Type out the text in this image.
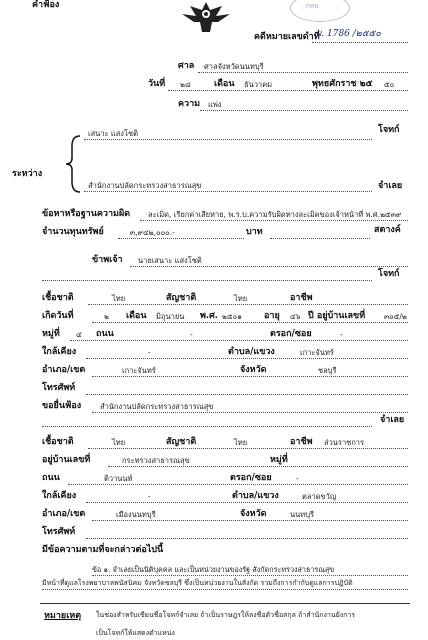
คำฟ้อง	ภพษ
คดีหมายเลขดำที่
ผ. 1786 /๒๕๕๐
ศาล ศาลจังหวัดนนทบุรี
วันที่ ๒๘	เดือน ธันวาคม	พุทธศักราช ๒๕ ๕๐
ความ แพ่ง
เสนาะ แสงโชติ	โจทก์
ระหว่าง
สำนักงานปลัดกระทรวงสาธารณสุข	จำเลย
ข้อหาหรือฐานความผิด ละเมิด, เรียกค่าเสียหาย, พ.ร.บ.ความรับผิดทางละเมิดของเจ้าหน้าที่ พ.ศ.๒๕๓๙
จำนวนทุนทรัพย์	๓,๙๔๒,๐๐๐.-	บาท	สตางค์
ข้าพเจ้า นายเสนาะ แสงโชติ
โจทก์
เชื้อชาติ	ไทย	สัญชาติ	ไทย	อาชีพ
เกิดวันที่	๒ เดือน มิถุนายน พ.ศ. ๒๕๐๑ อายุ ๔๖ ปี อยู่บ้านเลขที่	๓๐๕/๒
หมู่ที่ ๔ ถนน	-	ตรอก/ซอย	-
ใกล้เคียง	-	ตำบล/แขวง	เกาะจันทร์
อำเภอ/เขต	เกาะจันทร์	จังหวัด	ชลบุรี
โทรศัพท์
ขอยื่นฟ้อง	สำนักงานปลัดกระทรวงสาธารณสุข
จำเลย
เชื้อชาติ	ไทย	สัญชาติ	ไทย	อาชีพ ส่วนราชการ
อยู่บ้านเลขที่	กระทรวงสาธารณสุข	หมู่ที่
ถนน	ติวานนท์	ตรอก/ซอย	-
ใกล้เคียง	-	ตำบล/แขวง	ตลาดขวัญ
อำเภอ/เขต	เมืองนนทบุรี	จังหวัด	นนทบุรี
โทรศัพท์
มีข้อความตามที่จะกล่าวต่อไปนี้
ข้อ ๑. จำเลยเป็นนิติบุคคล และเป็นหน่วยงานของรัฐ สังกัดกระทรวงสาธารณสุข
มีหน้าที่ดูแลโรงพยาบาลพนัสนิคม จังหวัดชลบุรี ซึ่งเป็นหน่วยงานในสังกัด รวมถึงการกำกับดูแลการปฏิบัติ
หมายเหตุ ในช่องสำหรับเขียนชื่อโจทก์จำเลย ถ้าเป็นราษฎรให้ลงชื่อตัวชื่อสกุล ถ้าสำนักงานยังการ
เป็นโจทก์ให้แสดงตำแหน่ง
